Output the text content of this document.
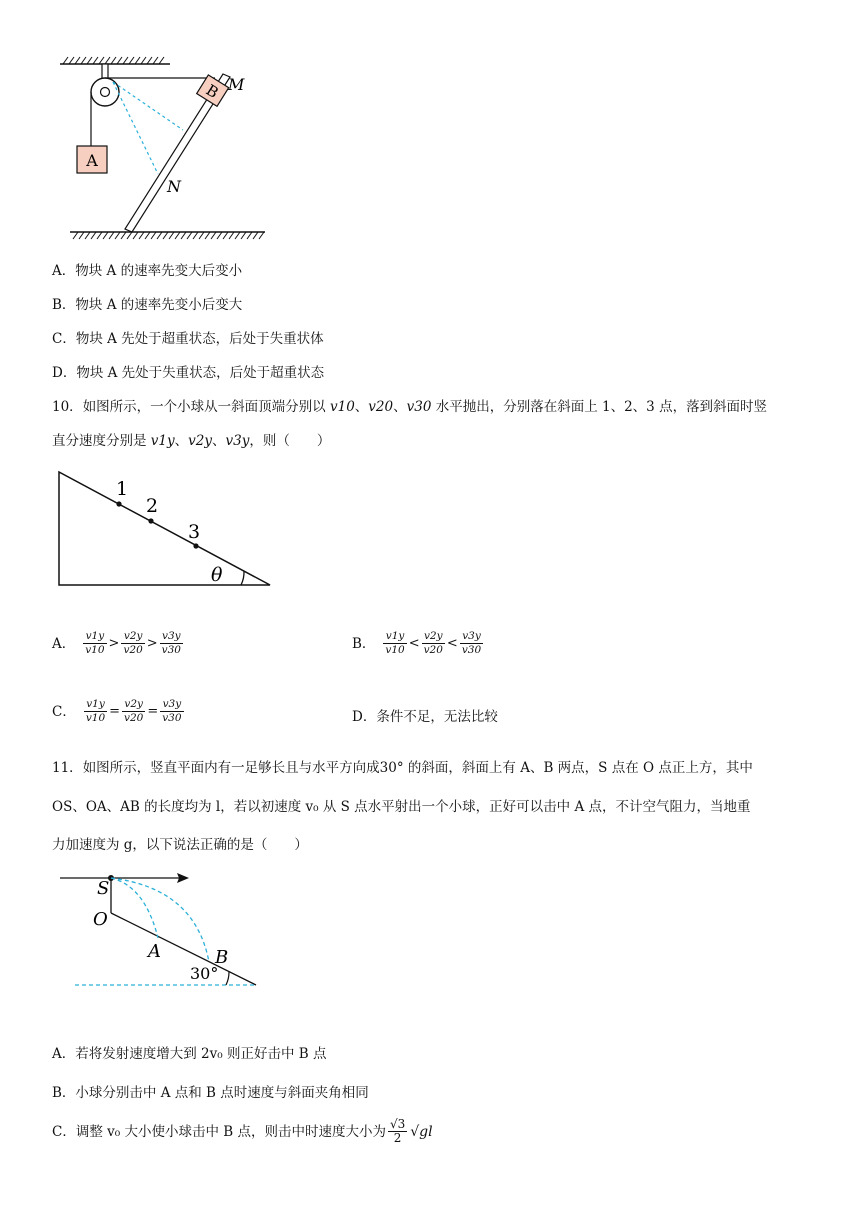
A
B M
N
A．物块 A 的速率先变大后变小
B．物块 A 的速率先变小后变大
C．物块 A 先处于超重状态，后处于失重状体
D．物块 A 先处于失重状态，后处于超重状态
10．如图所示，一个小球从一斜面顶端分别以 v10、v20、v30 水平抛出，分别落在斜面上 1、2、3 点，落到斜面时竖
直分速度分别是 v1y、v2y、v3y，则（　　）
1
2
3
θ
A． $\frac{v1y}{v10} > \frac{v2y}{v20} > \frac{v3y}{v30}$	B． $\frac{v1y}{v10} < \frac{v2y}{v20} < \frac{v3y}{v30}$
C． $\frac{v1y}{v10} = \frac{v2y}{v20} = \frac{v3y}{v30}$	D．条件不足，无法比较
11．如图所示，竖直平面内有一足够长且与水平方向成30° 的斜面，斜面上有 A、B 两点，S 点在 O 点正上方，其中
OS、OA、AB 的长度均为 l，若以初速度 v₀ 从 S 点水平射出一个小球，正好可以击中 A 点，不计空气阻力，当地重
力加速度为 g，以下说法正确的是（　　）
S
O
A	B
30°
A．若将发射速度增大到 2v₀ 则正好击中 B 点
B．小球分别击中 A 点和 B 点时速度与斜面夹角相同
C． 调整 v₀ 大小使小球击中 B 点，则击中时速度大小为 $\frac{√3}{2} √gl$
